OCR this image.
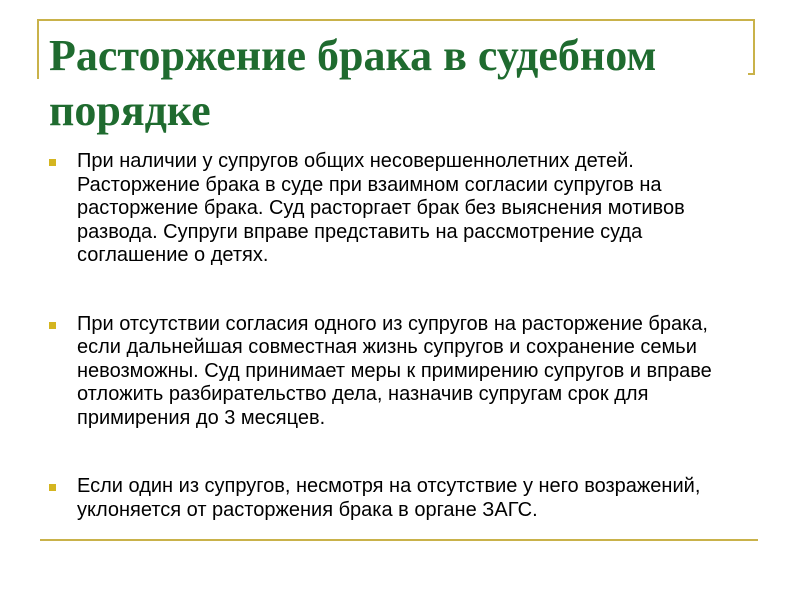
Расторжение брака в судебном порядке
При наличии у супругов общих несовершеннолетних детей. Расторжение брака в суде при взаимном согласии супругов на расторжение брака. Суд расторгает брак без выяснения мотивов развода. Супруги вправе представить на рассмотрение суда соглашение о детях.
При отсутствии согласия одного из супругов на расторжение брака, если дальнейшая совместная жизнь супругов и сохранение семьи невозможны. Суд принимает меры к примирению супругов и вправе отложить разбирательство дела, назначив супругам срок для примирения до 3 месяцев.
Если один из супругов, несмотря на отсутствие у него возражений, уклоняется от расторжения брака в органе ЗАГС.
